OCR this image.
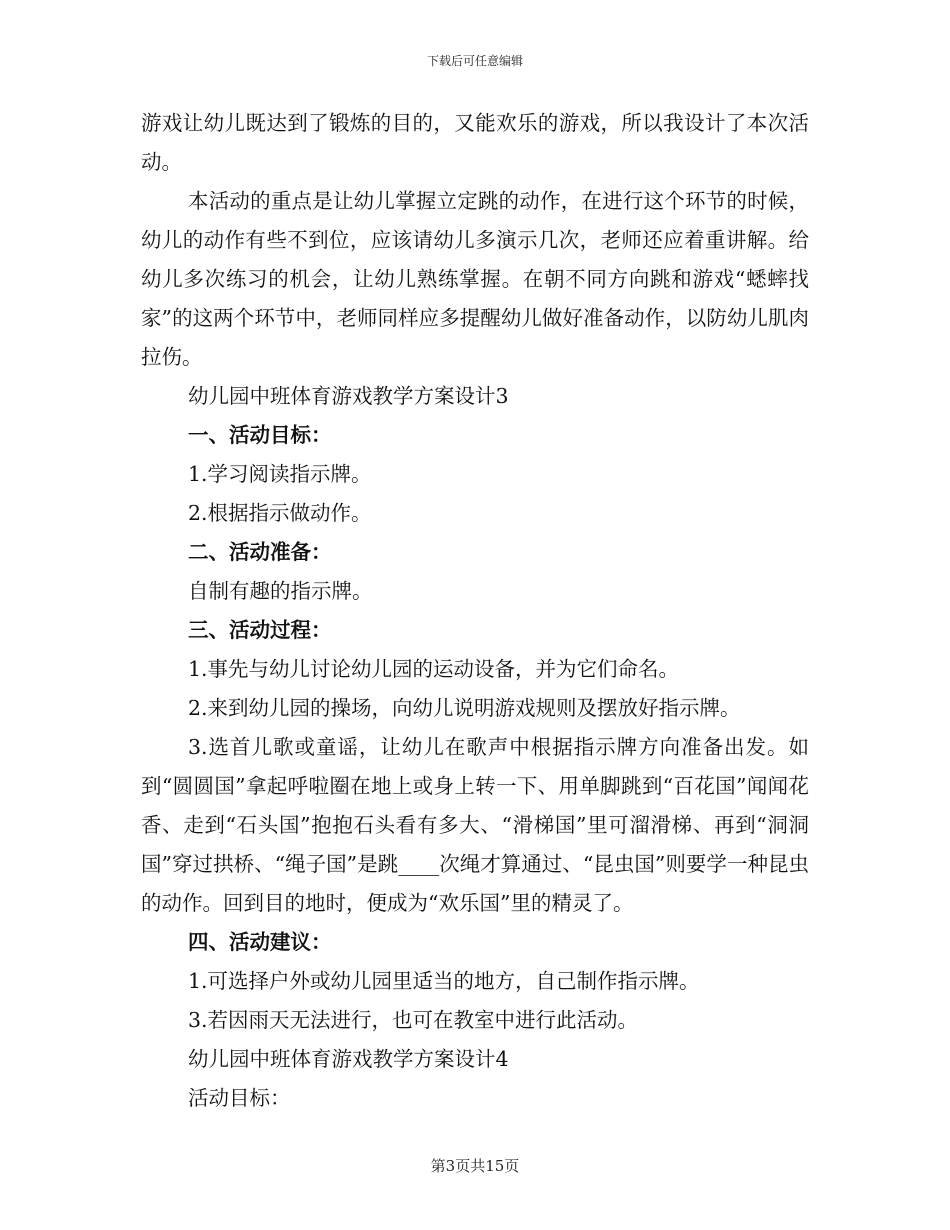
下载后可任意编辑

游戏让幼儿既达到了锻炼的目的，又能欢乐的游戏，所以我设计了本次活动。

本活动的重点是让幼儿掌握立定跳的动作，在进行这个环节的时候，幼儿的动作有些不到位，应该请幼儿多演示几次，老师还应着重讲解。给幼儿多次练习的机会，让幼儿熟练掌握。在朝不同方向跳和游戏“蟋蟀找家”的这两个环节中，老师同样应多提醒幼儿做好准备动作，以防幼儿肌肉拉伤。

幼儿园中班体育游戏教学方案设计3

一、活动目标：

1.学习阅读指示牌。

2.根据指示做动作。

二、活动准备：

自制有趣的指示牌。

三、活动过程：

1.事先与幼儿讨论幼儿园的运动设备，并为它们命名。

2.来到幼儿园的操场，向幼儿说明游戏规则及摆放好指示牌。

3.选首儿歌或童谣，让幼儿在歌声中根据指示牌方向准备出发。如到“圆圆国”拿起呼啦圈在地上或身上转一下、用单脚跳到“百花国”闻闻花香、走到“石头国”抱抱石头看有多大、“滑梯国”里可溜滑梯、再到“洞洞国”穿过拱桥、“绳子国”是跳____次绳才算通过、“昆虫国”则要学一种昆虫的动作。回到目的地时，便成为“欢乐国”里的精灵了。

四、活动建议：

1.可选择户外或幼儿园里适当的地方，自己制作指示牌。

3.若因雨天无法进行，也可在教室中进行此活动。

幼儿园中班体育游戏教学方案设计4

活动目标：

第3页共15页
